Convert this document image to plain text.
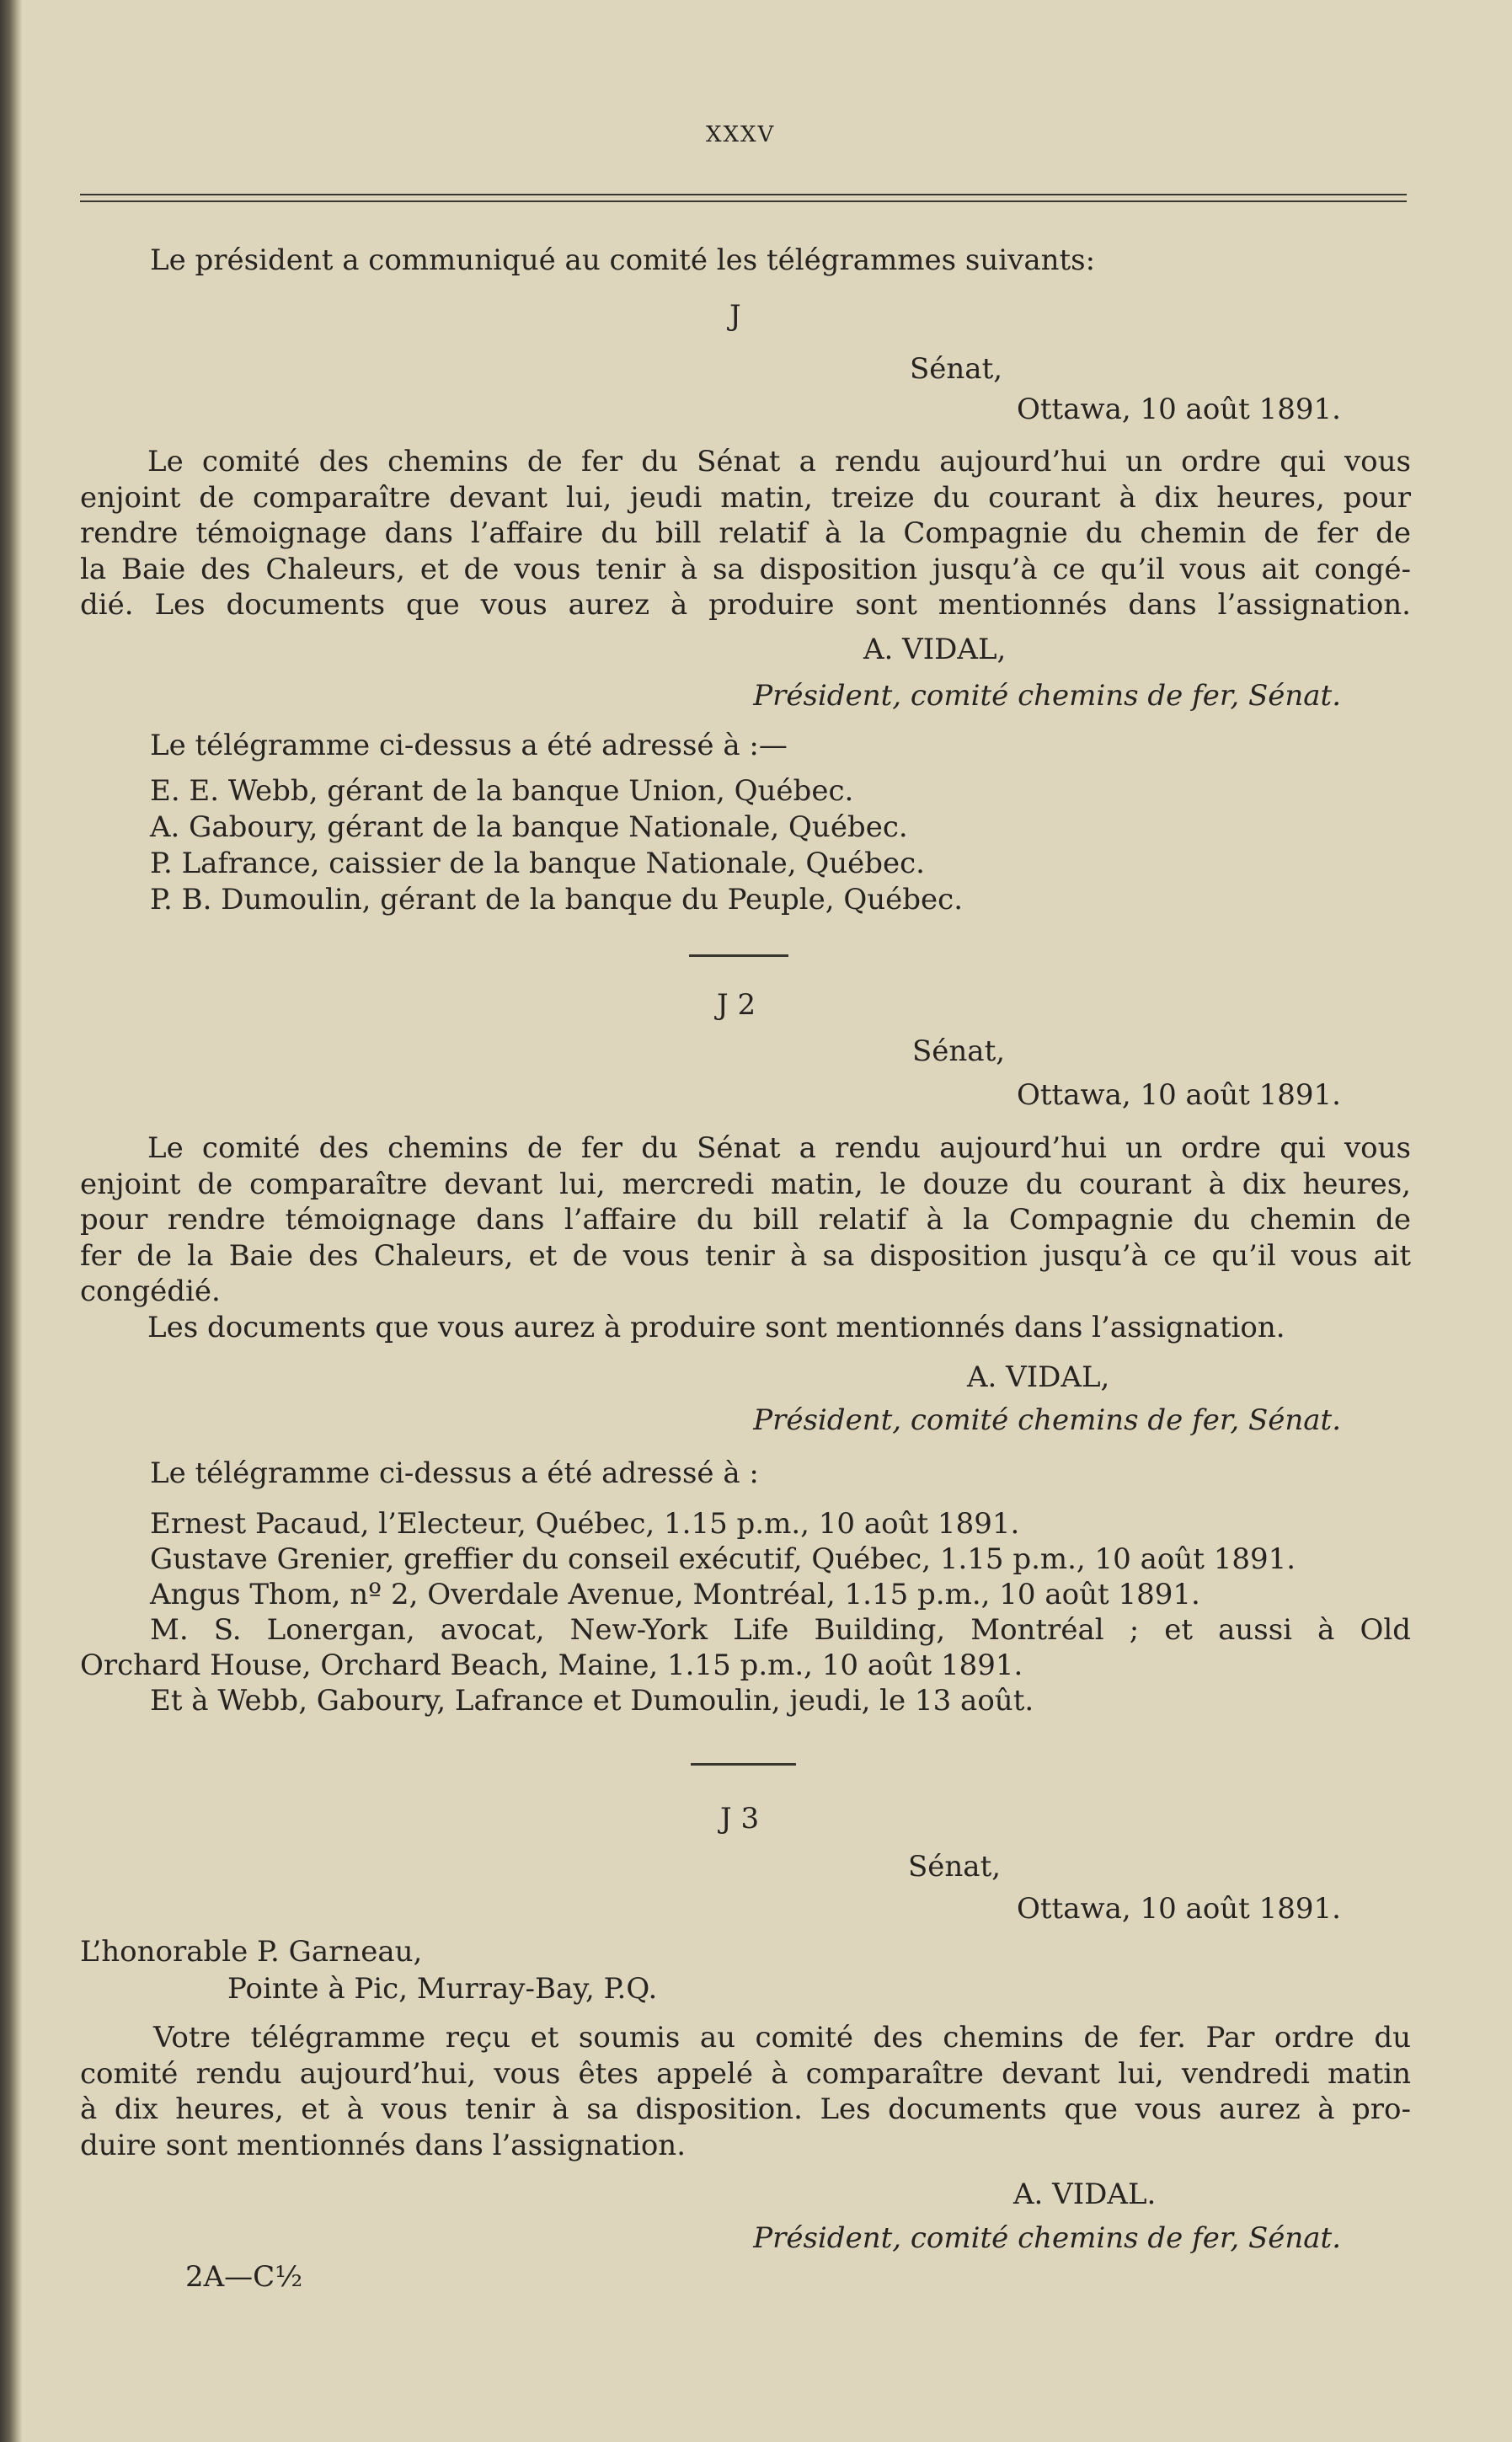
XXXV
Le président a communiqué au comité les télégrammes suivants:
J
Sénat,
Ottawa, 10 août 1891.
Le comité des chemins de fer du Sénat a rendu aujourd’hui un ordre qui vous
enjoint de comparaître devant lui, jeudi matin, treize du courant à dix heures, pour
rendre témoignage dans l’affaire du bill relatif à la Compagnie du chemin de fer de
la Baie des Chaleurs, et de vous tenir à sa disposition jusqu’à ce qu’il vous ait congé-
dié. Les documents que vous aurez à produire sont mentionnés dans l’assignation.
A. VIDAL,
Président, comité chemins de fer, Sénat.
Le télégramme ci-dessus a été adressé à :—
E. E. Webb, gérant de la banque Union, Québec.
A. Gaboury, gérant de la banque Nationale, Québec.
P. Lafrance, caissier de la banque Nationale, Québec.
P. B. Dumoulin, gérant de la banque du Peuple, Québec.
J 2
Sénat,
Ottawa, 10 août 1891.
Le comité des chemins de fer du Sénat a rendu aujourd’hui un ordre qui vous
enjoint de comparaître devant lui, mercredi matin, le douze du courant à dix heures,
pour rendre témoignage dans l’affaire du bill relatif à la Compagnie du chemin de
fer de la Baie des Chaleurs, et de vous tenir à sa disposition jusqu’à ce qu’il vous ait
congédié.
Les documents que vous aurez à produire sont mentionnés dans l’assignation.
A. VIDAL,
Président, comité chemins de fer, Sénat.
Le télégramme ci-dessus a été adressé à :
Ernest Pacaud, l’Electeur, Québec, 1.15 p.m., 10 août 1891.
Gustave Grenier, greffier du conseil exécutif, Québec, 1.15 p.m., 10 août 1891.
Angus Thom, nº 2, Overdale Avenue, Montréal, 1.15 p.m., 10 août 1891.
M. S. Lonergan, avocat, New-York Life Building, Montréal ; et aussi à Old
Orchard House, Orchard Beach, Maine, 1.15 p.m., 10 août 1891.
Et à Webb, Gaboury, Lafrance et Dumoulin, jeudi, le 13 août.
J 3
Sénat,
Ottawa, 10 août 1891.
L’honorable P. Garneau,
Pointe à Pic, Murray-Bay, P.Q.
Votre télégramme reçu et soumis au comité des chemins de fer. Par ordre du
comité rendu aujourd’hui, vous êtes appelé à comparaître devant lui, vendredi matin
à dix heures, et à vous tenir à sa disposition. Les documents que vous aurez à pro-
duire sont mentionnés dans l’assignation.
A. VIDAL.
Président, comité chemins de fer, Sénat.
2A—C½
